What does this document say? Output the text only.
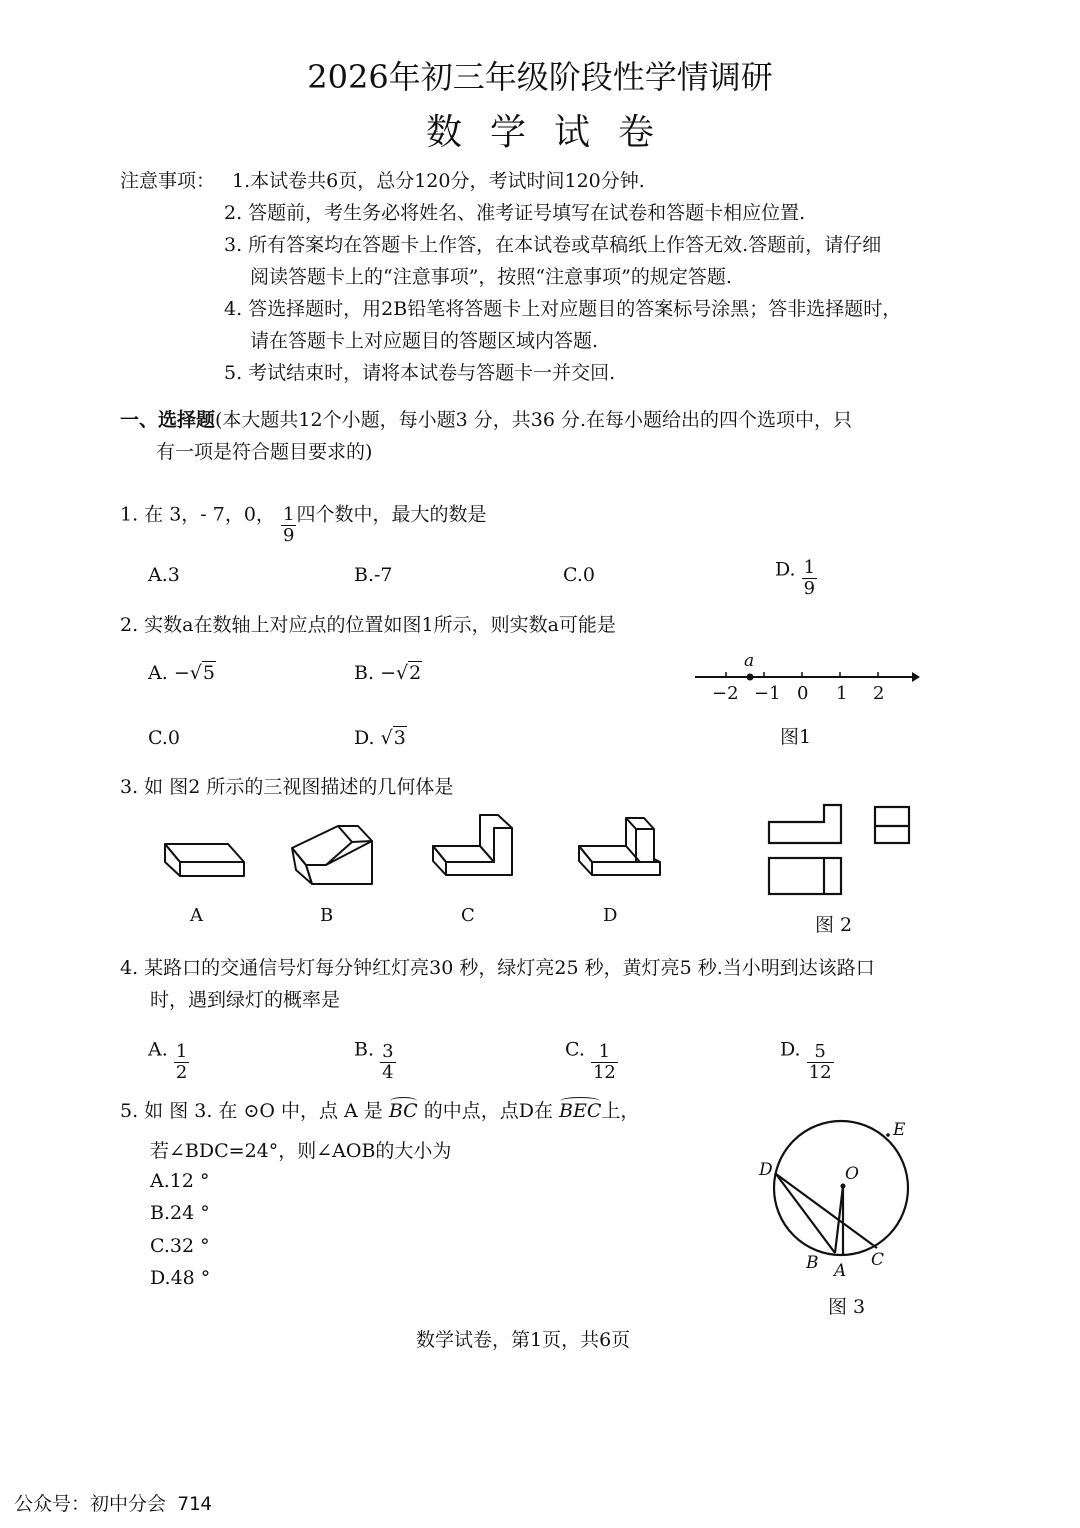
2026年初三年级阶段性学情调研
数学试卷
注意事项： 1.本试卷共6页，总分120分，考试时间120分钟.
2. 答题前，考生务必将姓名、准考证号填写在试卷和答题卡相应位置.
3. 所有答案均在答题卡上作答，在本试卷或草稿纸上作答无效.答题前，请仔细
阅读答题卡上的“注意事项”，按照“注意事项”的规定答题.
4. 答选择题时，用2B铅笔将答题卡上对应题目的答案标号涂黑；答非选择题时，
请在答题卡上对应题目的答题区域内答题.
5. 考试结束时，请将本试卷与答题卡一并交回.
一、选择题(本大题共12个小题，每小题3 分，共36 分.在每小题给出的四个选项中，只
有一项是符合题目要求的)
1. 在 3，- 7，0， $\frac{1}{9}$ 四个数中，最大的数是
A.3	B.-7	C.0	D. $\frac{1}{9}$
2. 实数a在数轴上对应点的位置如图1所示，则实数a可能是
A. −√5	B. −√2
C.0	D. √3
a
−2 −1 0 1 2
图1
3. 如 图2 所示的三视图描述的几何体是
A	B	C	D	图 2
4. 某路口的交通信号灯每分钟红灯亮30 秒，绿灯亮25 秒，黄灯亮5 秒.当小明到达该路口
时，遇到绿灯的概率是
A. $\frac{1}{2}$	B. $\frac{3}{4}$	C. $\frac{1}{12}$	D. $\frac{5}{12}$
5. 如 图 3. 在 ⊙O 中，点 A 是 BC 的中点，点D在 BEC上，
若∠BDC=24°，则∠AOB的大小为
A.12 °
B.24 °
C.32 °
D.48 °
D	O
E
B A
C
图 3
数学试卷，第1页，共6页
公众号：初中分会 714
